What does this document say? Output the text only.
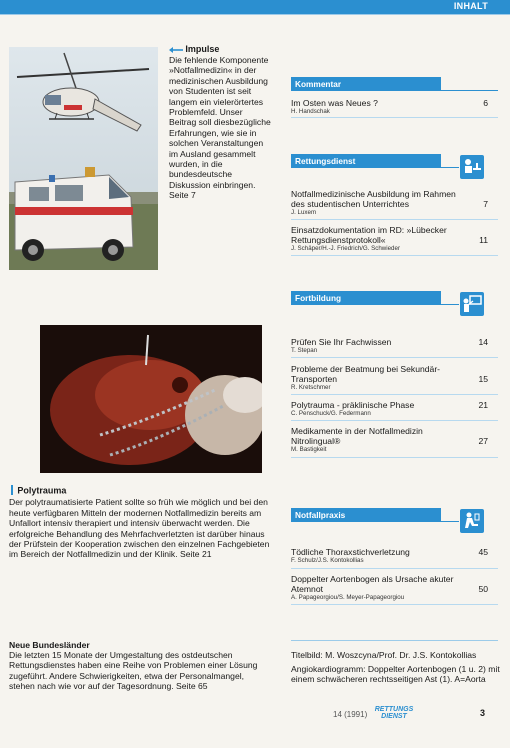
INHALT
Impulse
Die fehlende Komponente »Notfallmedizin« in der medizinischen Ausbildung von Studenten ist seit langem ein vielerörtertes Problemfeld. Unser Beitrag soll diesbezügliche Erfahrungen, wie sie in solchen Veranstaltungen im Ausland gesammelt wurden, in die bundesdeutsche Diskussion einbringen. Seite 7
Polytrauma
Der polytraumatisierte Patient sollte so früh wie möglich und bei den heute verfügbaren Mitteln der modernen Notfallmedizin bereits am Unfallort intensiv therapiert und intensiv überwacht werden. Die erfolgreiche Behandlung des Mehrfachverletzten ist darüber hinaus der Prüfstein der Kooperation zwischen den einzelnen Fachgebieten im Bereich der Notfallmedizin und der Klinik. Seite 21
Kommentar
Im Osten was Neues ?
H. Handschak
6
Rettungsdienst
Notfallmedizinische Ausbildung im Rahmen des studentischen Unterrichtes
J. Luxem
7
Einsatzdokumentation im RD: »Lübecker Rettungsdienstprotokoll«
J. Schäper/H.-J. Friedrich/G. Schwieder
11
Fortbildung
Prüfen Sie Ihr Fachwissen
T. Stepan
14
Probleme der Beatmung bei Sekundär-Transporten
R. Kretschmer
15
Polytrauma - präklinische Phase
C. Penschuck/G. Federmann
21
Medikamente in der Notfallmedizin Nitrolingual®
M. Bastigkeit
27
Notfallpraxis
Tödliche Thoraxstichverletzung
F. Schulz/J.S. Kontokollias
45
Doppelter Aortenbogen als Ursache akuter Atemnot
A. Papageorgiou/S. Meyer-Papageorgiou
50
Neue Bundesländer
Die letzten 15 Monate der Umgestaltung des ostdeutschen Rettungsdienstes haben eine Reihe von Problemen einer Lösung zugeführt. Andere Schwierigkeiten, etwa der Personalmangel, stehen nach wie vor auf der Tagesordnung. Seite 65
Titelbild: M. Woszcyna/Prof. Dr. J.S. Kontokollias
Angiokardiogramm: Doppelter Aortenbogen (1 u. 2) mit einem schwächeren rechtsseitigen Ast (1). A=Aorta
14 (1991)
RETTUNGS
DIENST	3
